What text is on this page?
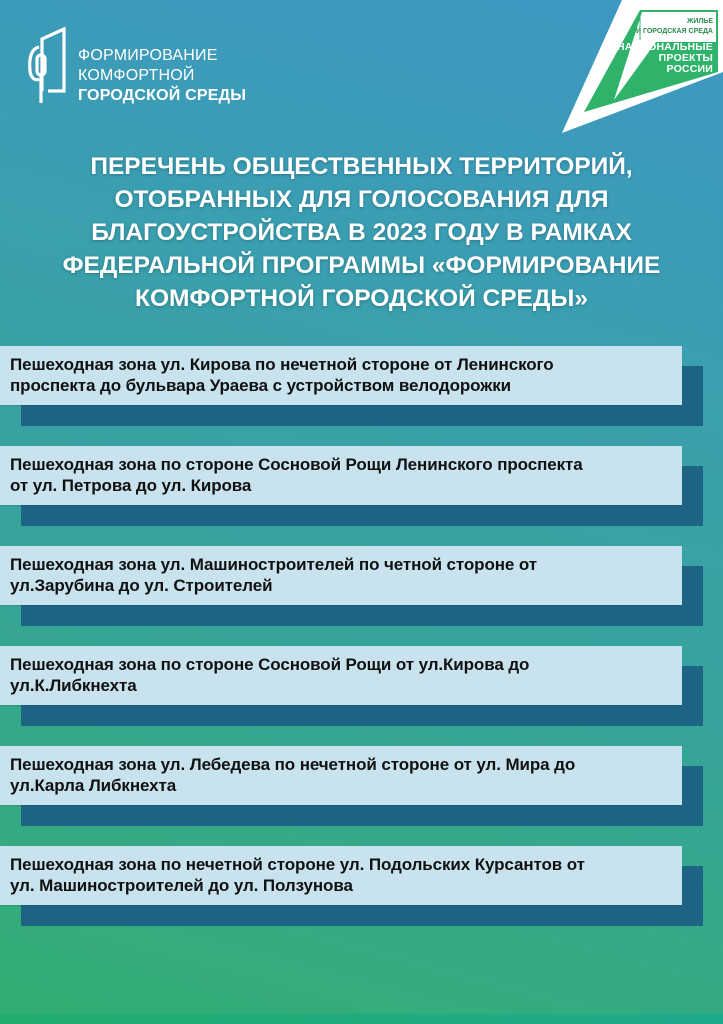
ФОРМИРОВАНИЕ
КОМФОРТНОЙ
ГОРОДСКОЙ СРЕДЫ
ЖИЛЬЕ
И ГОРОДСКАЯ СРЕДА
НАЦИОНАЛЬНЫЕ
ПРОЕКТЫ
РОССИИ
ПЕРЕЧЕНЬ ОБЩЕСТВЕННЫХ ТЕРРИТОРИЙ,
ОТОБРАННЫХ ДЛЯ ГОЛОСОВАНИЯ ДЛЯ
БЛАГОУСТРОЙСТВА В 2023 ГОДУ В РАМКАХ
ФЕДЕРАЛЬНОЙ ПРОГРАММЫ «ФОРМИРОВАНИЕ
КОМФОРТНОЙ ГОРОДСКОЙ СРЕДЫ»
Пешеходная зона ул. Кирова по нечетной стороне от Ленинского
проспекта до бульвара Ураева с устройством велодорожки
Пешеходная зона по стороне Сосновой Рощи Ленинского проспекта
от ул. Петрова до ул. Кирова
Пешеходная зона ул. Машиностроителей по четной стороне от
ул.Зарубина до ул. Строителей
Пешеходная зона по стороне Сосновой Рощи от ул.Кирова до
ул.К.Либкнехта
Пешеходная зона ул. Лебедева по нечетной стороне от ул. Мира до
ул.Карла Либкнехта
Пешеходная зона по нечетной стороне ул. Подольских Курсантов от
ул. Машиностроителей до ул. Ползунова
